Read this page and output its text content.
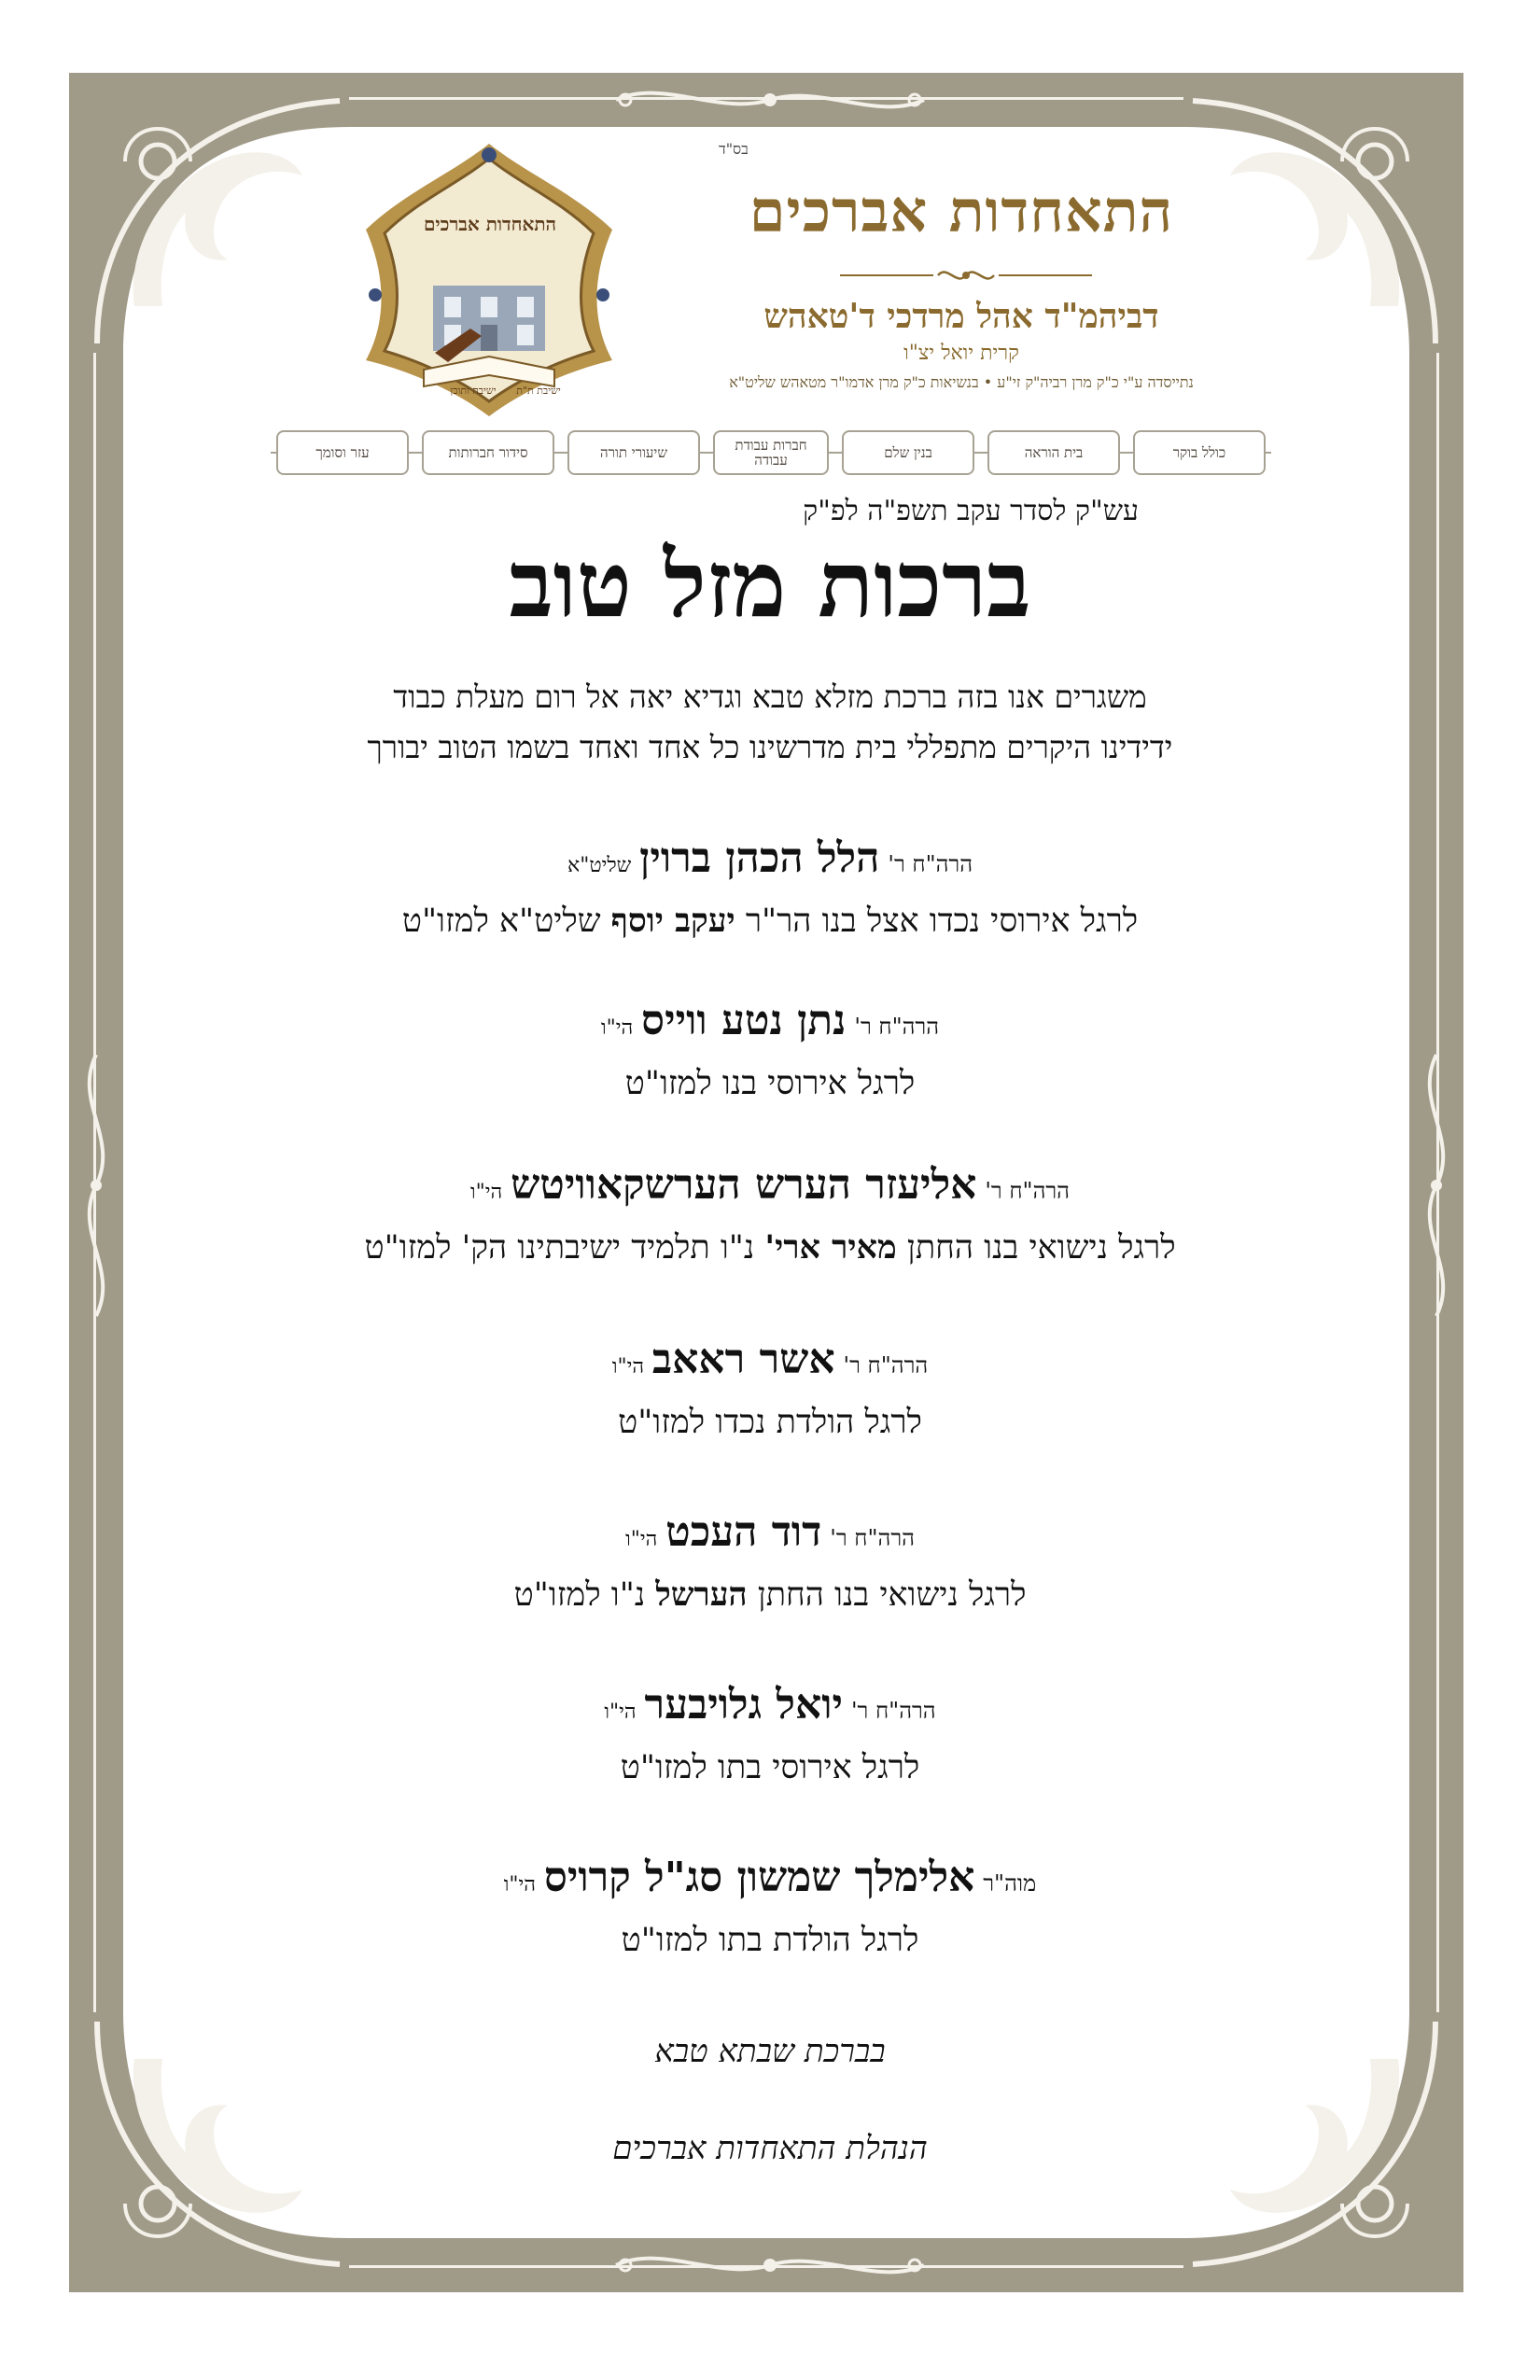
התאחדות אברכים
ישיבה ותוכן	ישיבת ת"ת
בס"ד
התאחדות אברכים
דביהמ"ד אהל מרדכי ד'טאהש
קרית יואל יצ"ו
נתייסדה ע"י כ"ק מרן רביה"ק זי"ע • בנשיאות כ"ק מרן אדמו"ר מטאהש שליט"א
כולל בוקר
בית הוראה
בנין שלם
חברות עבודת עבודה
שיעורי תורה
סידור חברותות
עזר וסומך
עש"ק לסדר עקב תשפ"ה לפ"ק
ברכות מזל טוב
משגרים אנו בזה ברכת מזלא טבא וגדיא יאה אל רום מעלת כבוד
ידידינו היקרים מתפללי בית מדרשינו כל אחד ואחד בשמו הטוב יבורך
הרה"ח ר' הלל הכהן ברוין שליט"א
לרגל אירוסי נכדו אצל בנו הר"ר יעקב יוסף שליט"א למזו"ט
הרה"ח ר' נתן נטע ווייס הי"ו
לרגל אירוסי בנו למזו"ט
הרה"ח ר' אליעזר הערש הערשקאוויטש הי"ו
לרגל נישואי בנו החתן מאיר ארי' נ"ו תלמיד ישיבתינו הק' למזו"ט
הרה"ח ר' אשר ראאב הי"ו
לרגל הולדת נכדו למזו"ט
הרה"ח ר' דוד העכט הי"ו
לרגל נישואי בנו החתן הערשל נ"ו למזו"ט
הרה"ח ר' יואל גלויבער הי"ו
לרגל אירוסי בתו למזו"ט
מוה"ר אלימלך שמשון סג"ל קרויס הי"ו
לרגל הולדת בתו למזו"ט
בברכת שבתא טבא
הנהלת התאחדות אברכים
